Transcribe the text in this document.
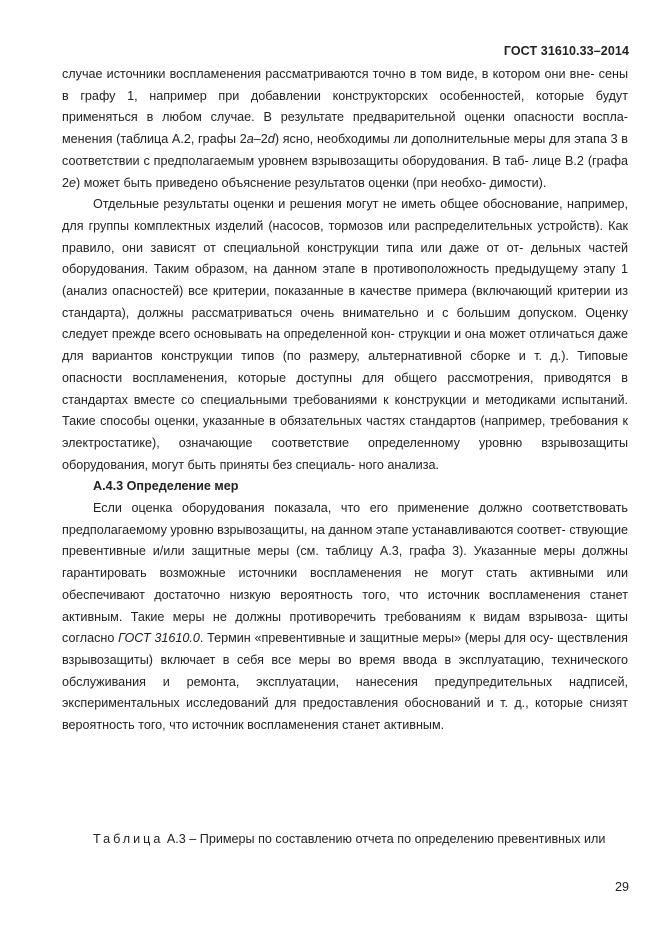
ГОСТ 31610.33–2014

случае источники воспламенения рассматриваются точно в том виде, в котором они вне- сены в графу 1, например при добавлении конструкторских особенностей, которые будут применяться в любом случае. В результате предварительной оценки опасности воспла- менения (таблица А.2, графы 2а–2d) ясно, необходимы ли дополнительные меры для этапа 3 в соответствии с предполагаемым уровнем взрывозащиты оборудования. В таб- лице В.2 (графа 2е) может быть приведено объяснение результатов оценки (при необхо- димости).

Отдельные результаты оценки и решения могут не иметь общее обоснование, например, для группы комплектных изделий (насосов, тормозов или распределительных устройств). Как правило, они зависят от специальной конструкции типа или даже от от- дельных частей оборудования. Таким образом, на данном этапе в противоположность предыдущему этапу 1 (анализ опасностей) все критерии, показанные в качестве примера (включающий критерии из стандарта), должны рассматриваться очень внимательно и с большим допуском. Оценку следует прежде всего основывать на определенной кон- струкции и она может отличаться даже для вариантов конструкции типов (по размеру, альтернативной сборке и т. д.). Типовые опасности воспламенения, которые доступны для общего рассмотрения, приводятся в стандартах вместе со специальными требованиями к конструкции и методиками испытаний. Такие способы оценки, указанные в обязательных частях стандартов (например, требования к электростатике), означающие соответствие определенному уровню взрывозащиты оборудования, могут быть приняты без специаль- ного анализа.

А.4.3 Определение мер

Если оценка оборудования показала, что его применение должно соответствовать предполагаемому уровню взрывозащиты, на данном этапе устанавливаются соответ- ствующие превентивные и/или защитные меры (см. таблицу А.3, графа 3). Указанные меры должны гарантировать возможные источники воспламенения не могут стать активными или обеспечивают достаточно низкую вероятность того, что источник воспламенения станет активным. Такие меры не должны противоречить требованиям к видам взрывоза- щиты согласно ГОСТ 31610.0. Термин «превентивные и защитные меры» (меры для осу- ществления взрывозащиты) включает в себя все меры во время ввода в эксплуатацию, технического обслуживания и ремонта, эксплуатации, нанесения предупредительных надписей, экспериментальных исследований для предоставления обоснований и т. д., которые снизят вероятность того, что источник воспламенения станет активным.

Таблица А.3 – Примеры по составлению отчета по определению превентивных или
29
